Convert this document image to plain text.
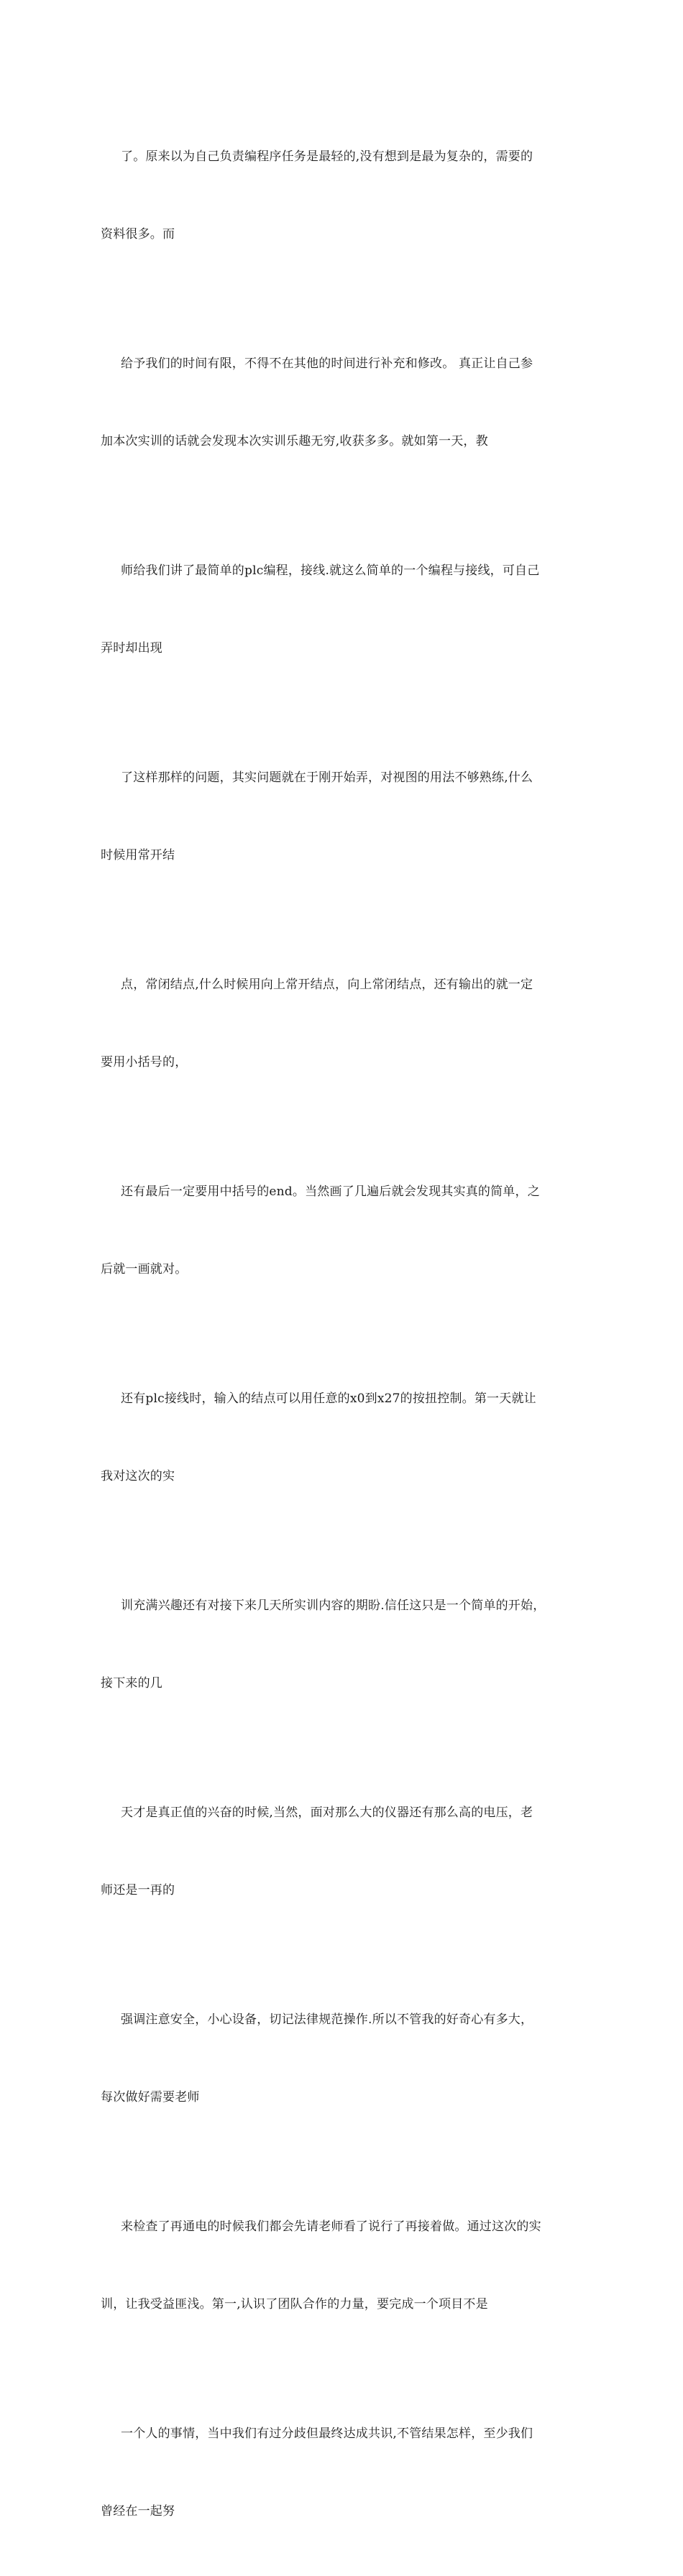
了。原来以为自己负责编程序任务是最轻的,没有想到是最为复杂的，需要的

资料很多。而

给予我们的时间有限，不得不在其他的时间进行补充和修改。 真正让自己参

加本次实训的话就会发现本次实训乐趣无穷,收获多多。就如第一天，教

师给我们讲了最简单的plc编程，接线.就这么简单的一个编程与接线，可自己

弄时却出现

了这样那样的问题，其实问题就在于刚开始弄，对视图的用法不够熟练,什么

时候用常开结

点，常闭结点,什么时候用向上常开结点，向上常闭结点，还有输出的就一定

要用小括号的，

还有最后一定要用中括号的end。当然画了几遍后就会发现其实真的简单，之

后就一画就对。

还有plc接线时，输入的结点可以用任意的x0到x27的按扭控制。第一天就让

我对这次的实

训充满兴趣还有对接下来几天所实训内容的期盼.信任这只是一个简单的开始，

接下来的几

天才是真正值的兴奋的时候,当然，面对那么大的仪器还有那么高的电压，老

师还是一再的

强调注意安全，小心设备，切记法律规范操作.所以不管我的好奇心有多大，

每次做好需要老师

来检查了再通电的时候我们都会先请老师看了说行了再接着做。通过这次的实

训，让我受益匪浅。第一,认识了团队合作的力量，要完成一个项目不是

一个人的事情，当中我们有过分歧但最终达成共识,不管结果怎样，至少我们

曾经在一起努
